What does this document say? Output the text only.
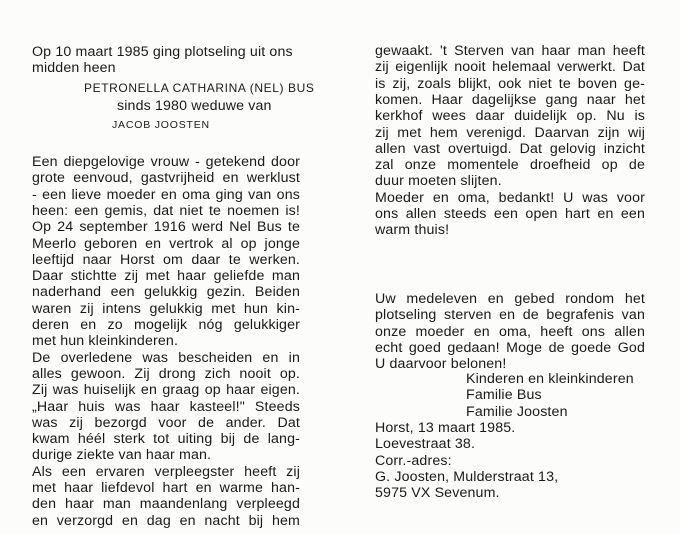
Op 10 maart 1985 ging plotseling uit ons
midden heen
PETRONELLA CATHARINA (NEL) BUS
sinds 1980 weduwe van
JACOB JOOSTEN
Een diepgelovige vrouw - getekend door
grote eenvoud, gastvrijheid en werklust
- een lieve moeder en oma ging van ons
heen: een gemis, dat niet te noemen is!
Op 24 september 1916 werd Nel Bus te
Meerlo geboren en vertrok al op jonge
leeftijd naar Horst om daar te werken.
Daar stichtte zij met haar geliefde man
naderhand een gelukkig gezin. Beiden
waren zij intens gelukkig met hun kin-
deren en zo mogelijk nóg gelukkiger
met hun kleinkinderen.
De overledene was bescheiden en in
alles gewoon. Zij drong zich nooit op.
Zij was huiselijk en graag op haar eigen.
„Haar huis was haar kasteel!" Steeds
was zij bezorgd voor de ander. Dat
kwam héél sterk tot uiting bij de lang-
durige ziekte van haar man.
Als een ervaren verpleegster heeft zij
met haar liefdevol hart en warme han-
den haar man maandenlang verpleegd
en verzorgd en dag en nacht bij hem
gewaakt. 't Sterven van haar man heeft
zij eigenlijk nooit helemaal verwerkt. Dat
is zij, zoals blijkt, ook niet te boven ge-
komen. Haar dagelijkse gang naar het
kerkhof wees daar duidelijk op. Nu is
zij met hem verenigd. Daarvan zijn wij
allen vast overtuigd. Dat gelovig inzicht
zal onze momentele droefheid op de
duur moeten slijten.
Moeder en oma, bedankt! U was voor
ons allen steeds een open hart en een
warm thuis!
Uw medeleven en gebed rondom het
plotseling sterven en de begrafenis van
onze moeder en oma, heeft ons allen
echt goed gedaan! Moge de goede God
U daarvoor belonen!
Kinderen en kleinkinderen
Familie Bus
Familie Joosten
Horst, 13 maart 1985.
Loevestraat 38.
Corr.-adres:
G. Joosten, Mulderstraat 13,
5975 VX Sevenum.
